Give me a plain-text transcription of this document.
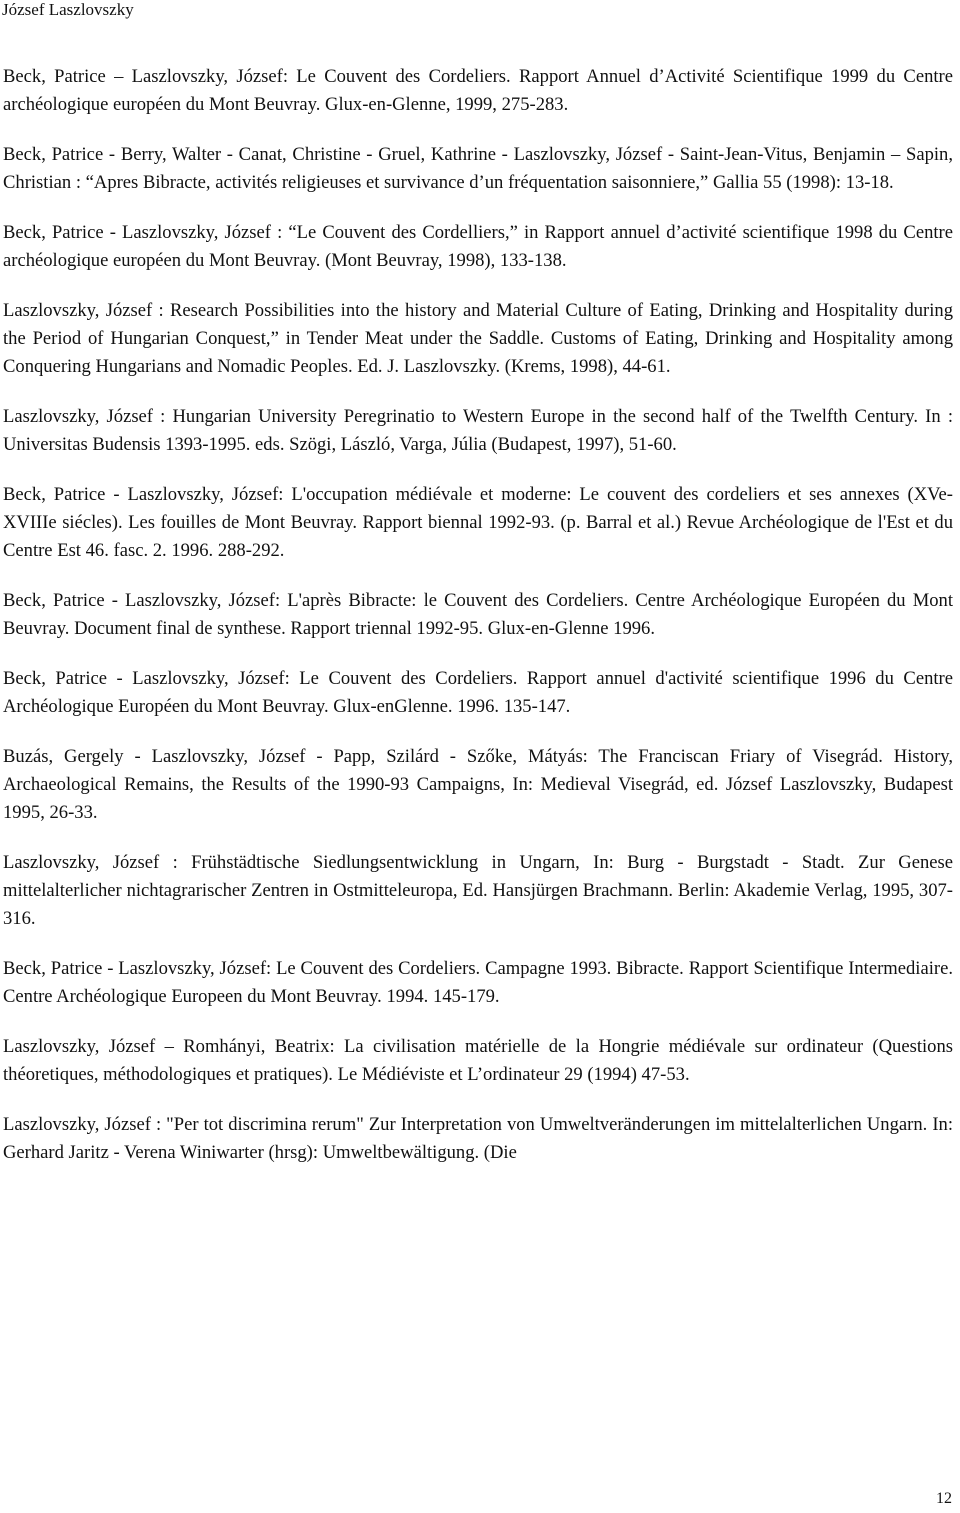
József Laszlovszky

Beck, Patrice – Laszlovszky, József: Le Couvent des Cordeliers. Rapport Annuel d’Activité Scientifique 1999 du Centre archéologique européen du Mont Beuvray. Glux-en-Glenne, 1999, 275-283.

Beck, Patrice - Berry, Walter - Canat, Christine - Gruel, Kathrine - Laszlovszky, József - Saint-Jean-Vitus, Benjamin – Sapin, Christian : “Apres Bibracte, activités religieuses et survivance d’un fréquentation saisonniere,” Gallia 55 (1998): 13-18.

Beck, Patrice - Laszlovszky, József : “Le Couvent des Cordelliers,” in Rapport annuel d’activité scientifique 1998 du Centre archéologique européen du Mont Beuvray. (Mont Beuvray, 1998), 133-138.

Laszlovszky, József : Research Possibilities into the history and Material Culture of Eating, Drinking and Hospitality during the Period of Hungarian Conquest,” in Tender Meat under the Saddle. Customs of Eating, Drinking and Hospitality among Conquering Hungarians and Nomadic Peoples. Ed. J. Laszlovszky. (Krems, 1998), 44-61.

Laszlovszky, József : Hungarian University Peregrinatio to Western Europe in the second half of the Twelfth Century. In : Universitas Budensis 1393-1995. eds. Szögi, László, Varga, Júlia (Budapest, 1997), 51-60.

Beck, Patrice - Laszlovszky, József: L'occupation médiévale et moderne: Le couvent des cordeliers et ses annexes (XVe-XVIIIe siécles). Les fouilles de Mont Beuvray. Rapport biennal 1992-93. (p. Barral et al.) Revue Archéologique de l'Est et du Centre Est 46. fasc. 2. 1996. 288-292.

Beck, Patrice - Laszlovszky, József: L'après Bibracte: le Couvent des Cordeliers. Centre Archéologique Européen du Mont Beuvray. Document final de synthese. Rapport triennal 1992-95. Glux-en-Glenne 1996.

Beck, Patrice - Laszlovszky, József: Le Couvent des Cordeliers. Rapport annuel d'activité scientifique 1996 du Centre Archéologique Européen du Mont Beuvray. Glux-enGlenne. 1996. 135-147.

Buzás, Gergely - Laszlovszky, József - Papp, Szilárd - Szőke, Mátyás: The Franciscan Friary of Visegrád. History, Archaeological Remains, the Results of the 1990-93 Campaigns, In: Medieval Visegrád, ed. József Laszlovszky, Budapest 1995, 26-33.

Laszlovszky, József : Frühstädtische Siedlungsentwicklung in Ungarn, In: Burg - Burgstadt - Stadt. Zur Genese mittelalterlicher nichtagrarischer Zentren in Ostmitteleuropa, Ed. Hansjürgen Brachmann. Berlin: Akademie Verlag, 1995, 307-316.

Beck, Patrice - Laszlovszky, József: Le Couvent des Cordeliers. Campagne 1993. Bibracte. Rapport Scientifique Intermediaire. Centre Archéologique Europeen du Mont Beuvray. 1994. 145-179.

Laszlovszky, József – Romhányi, Beatrix: La civilisation matérielle de la Hongrie médiévale sur ordinateur (Questions théoretiques, méthodologiques et pratiques). Le Médiéviste et L’ordinateur 29 (1994) 47-53.

Laszlovszky, József : "Per tot discrimina rerum" Zur Interpretation von Umweltveränderungen im mittelalterlichen Ungarn. In: Gerhard Jaritz - Verena Winiwarter (hrsg): Umweltbewältigung. (Die

12
